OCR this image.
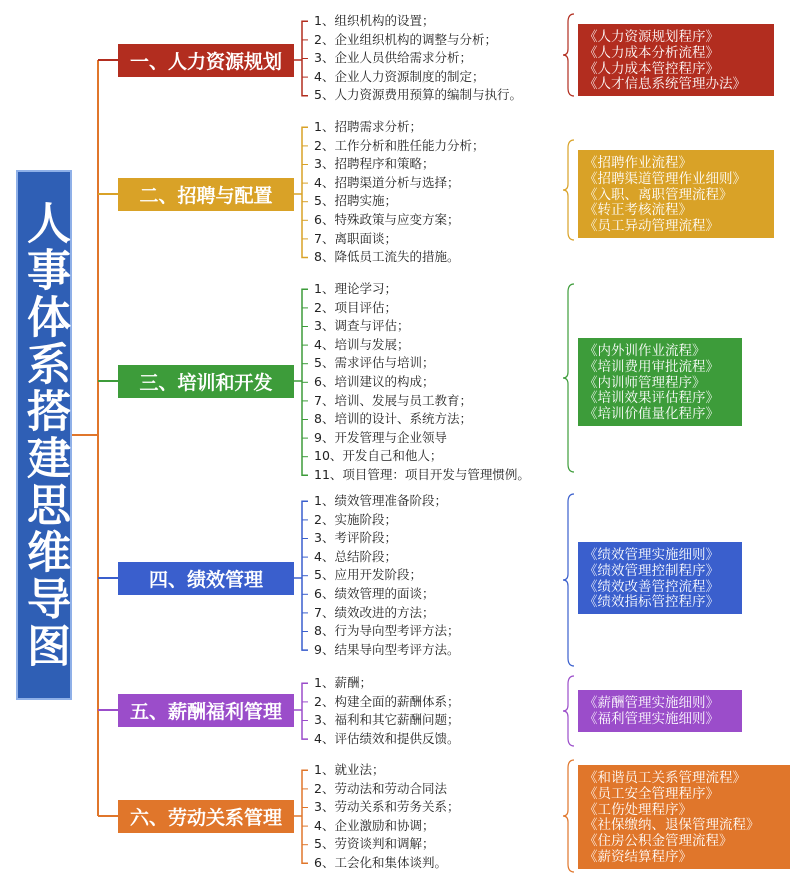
人事体系搭建思维导图
一、人力资源规划
1、组织机构的设置；
2、企业组织机构的调整与分析；
3、企业人员供给需求分析；
4、企业人力资源制度的制定；
5、人力资源费用预算的编制与执行。
《人力资源规划程序》
《人力成本分析流程》
《人力成本管控程序》
《人才信息系统管理办法》
二、招聘与配置
1、招聘需求分析；
2、工作分析和胜任能力分析；
3、招聘程序和策略；
4、招聘渠道分析与选择；
5、招聘实施；
6、特殊政策与应变方案；
7、离职面谈；
8、降低员工流失的措施。
《招聘作业流程》
《招聘渠道管理作业细则》
《入职、离职管理流程》
《转正考核流程》
《员工异动管理流程》
三、培训和开发
1、理论学习；
2、项目评估；
3、调查与评估；
4、培训与发展；
5、需求评估与培训；
6、培训建议的构成；
7、培训、发展与员工教育；
8、培训的设计、系统方法；
9、开发管理与企业领导
10、开发自己和他人；
11、项目管理：项目开发与管理惯例。
《内外训作业流程》
《培训费用审批流程》
《内训师管理程序》
《培训效果评估程序》
《培训价值量化程序》
四、绩效管理
1、绩效管理准备阶段；
2、实施阶段；
3、考评阶段；
4、总结阶段；
5、应用开发阶段；
6、绩效管理的面谈；
7、绩效改进的方法；
8、行为导向型考评方法；
9、结果导向型考评方法。
《绩效管理实施细则》
《绩效管理控制程序》
《绩效改善管控流程》
《绩效指标管控程序》
五、薪酬福利管理
1、薪酬；
2、构建全面的薪酬体系；
3、福利和其它薪酬问题；
4、评估绩效和提供反馈。
《薪酬管理实施细则》
《福利管理实施细则》
六、劳动关系管理
1、就业法；
2、劳动法和劳动合同法
3、劳动关系和劳务关系；
4、企业激励和协调；
5、劳资谈判和调解；
6、工会化和集体谈判。
《和谐员工关系管理流程》
《员工安全管理程序》
《工伤处理程序》
《社保缴纳、退保管理流程》
《住房公积金管理流程》
《薪资结算程序》
